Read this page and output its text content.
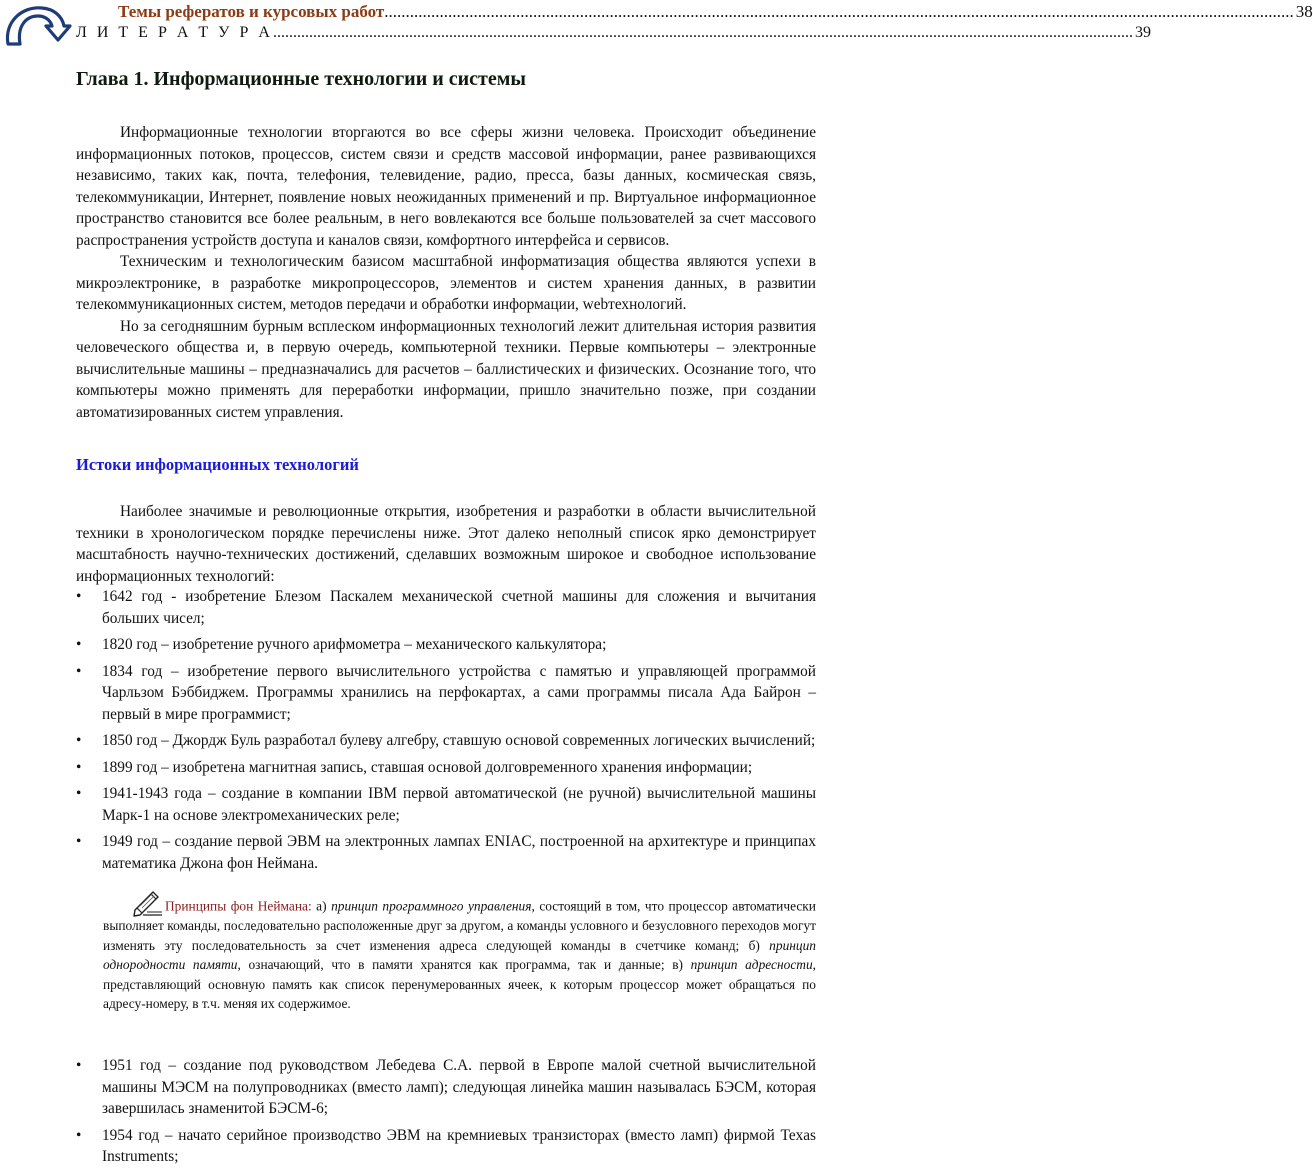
Темы рефератов и курсовых работ ...................................................................................................................................................................................................................... 38
Л И Т Е Р А Т У Р А ....................................................................................................................................................................................................................... 39
Глава 1. Информационные технологии и системы

Информационные технологии вторгаются во все сферы жизни человека. Происходит объединение информационных потоков, процессов, систем связи и средств массовой информации, ранее развивающихся независимо, таких как, почта, телефония, телевидение, радио, пресса, базы данных, космическая связь, телекоммуникации, Интернет, появление новых неожиданных применений и пр. Виртуальное информационное пространство становится все более реальным, в него вовлекаются все больше пользователей за счет массового распространения устройств доступа и каналов связи, комфортного интерфейса и сервисов.

Техническим и технологическим базисом масштабной информатизация общества являются успехи в микроэлектронике, в разработке микропроцессоров, элементов и систем хранения данных, в развитии телекоммуникационных систем, методов передачи и обработки информации, webтехнологий.

Но за сегодняшним бурным всплеском информационных технологий лежит длительная история развития человеческого общества и, в первую очередь, компьютерной техники. Первые компьютеры – электронные вычислительные машины – предназначались для расчетов – баллистических и физических. Осознание того, что компьютеры можно применять для переработки информации, пришло значительно позже, при создании автоматизированных систем управления.

Истоки информационных технологий

Наиболее значимые и революционные открытия, изобретения и разработки в области вычислительной техники в хронологическом порядке перечислены ниже. Этот далеко неполный список ярко демонстрирует масштабность научно-технических достижений, сделавших возможным широкое и свободное использование информационных технологий:

• 1642 год - изобретение Блезом Паскалем механической счетной машины для сложения и вычитания больших чисел;
• 1820 год – изобретение ручного арифмометра – механического калькулятора;
• 1834 год – изобретение первого вычислительного устройства с памятью и управляющей программой Чарльзом Бэббиджем. Программы хранились на перфокартах, а сами программы писала Ада Байрон – первый в мире программист;
• 1850 год – Джордж Буль разработал булеву алгебру, ставшую основой современных логических вычислений;
• 1899 год – изобретена магнитная запись, ставшая основой долговременного хранения информации;
• 1941-1943 года – создание в компании IBM первой автоматической (не ручной) вычислительной машины Марк-1 на основе электромеханических реле;
• 1949 год – создание первой ЭВМ на электронных лампах ENIAC, построенной на архитектуре и принципах математика Джона фон Неймана.
Принципы фон Неймана: а) принцип программного управления, состоящий в том, что процессор автоматически выполняет команды, последовательно расположенные друг за другом, а команды условного и безусловного переходов могут изменять эту последовательность за счет изменения адреса следующей команды в счетчике команд; б) принцип однородности памяти, означающий, что в памяти хранятся как программа, так и данные; в) принцип адресности, представляющий основную память как список перенумерованных ячеек, к которым процессор может обращаться по адресу-номеру, в т.ч. меняя их содержимое.
• 1951 год – создание под руководством Лебедева С.А. первой в Европе малой счетной вычислительной машины МЭСМ на полупроводниках (вместо ламп); следующая линейка машин называлась БЭСМ, которая завершилась знаменитой БЭСМ-6;
• 1954 год – начато серийное производство ЭВМ на кремниевых транзисторах (вместо ламп) фирмой Texas Instruments;
